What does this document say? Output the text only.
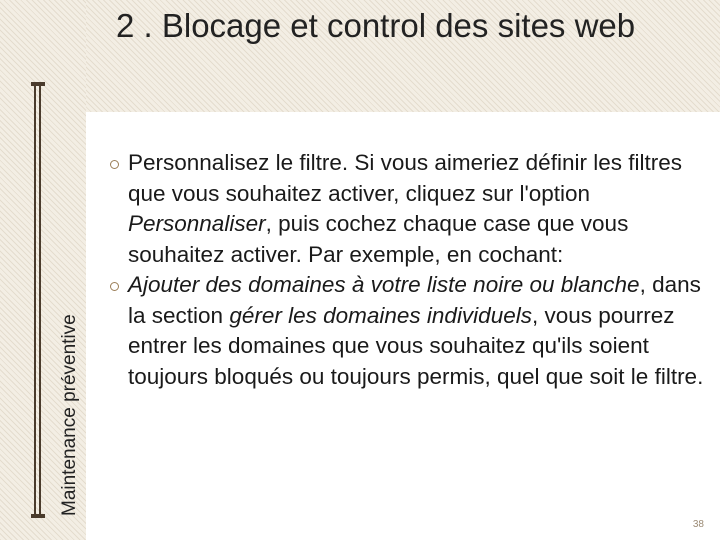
Maintenance préventive
2 . Blocage et control des sites web

Personnalisez le filtre. Si vous aimeriez définir les filtres que vous souhaitez activer, cliquez sur l'option Personnaliser, puis cochez chaque case que vous souhaitez activer. Par exemple, en cochant:

Ajouter des domaines à votre liste noire ou blanche, dans la section gérer les domaines individuels, vous pourrez entrer les domaines que vous souhaitez qu'ils soient toujours bloqués ou toujours permis, quel que soit le filtre.

38
